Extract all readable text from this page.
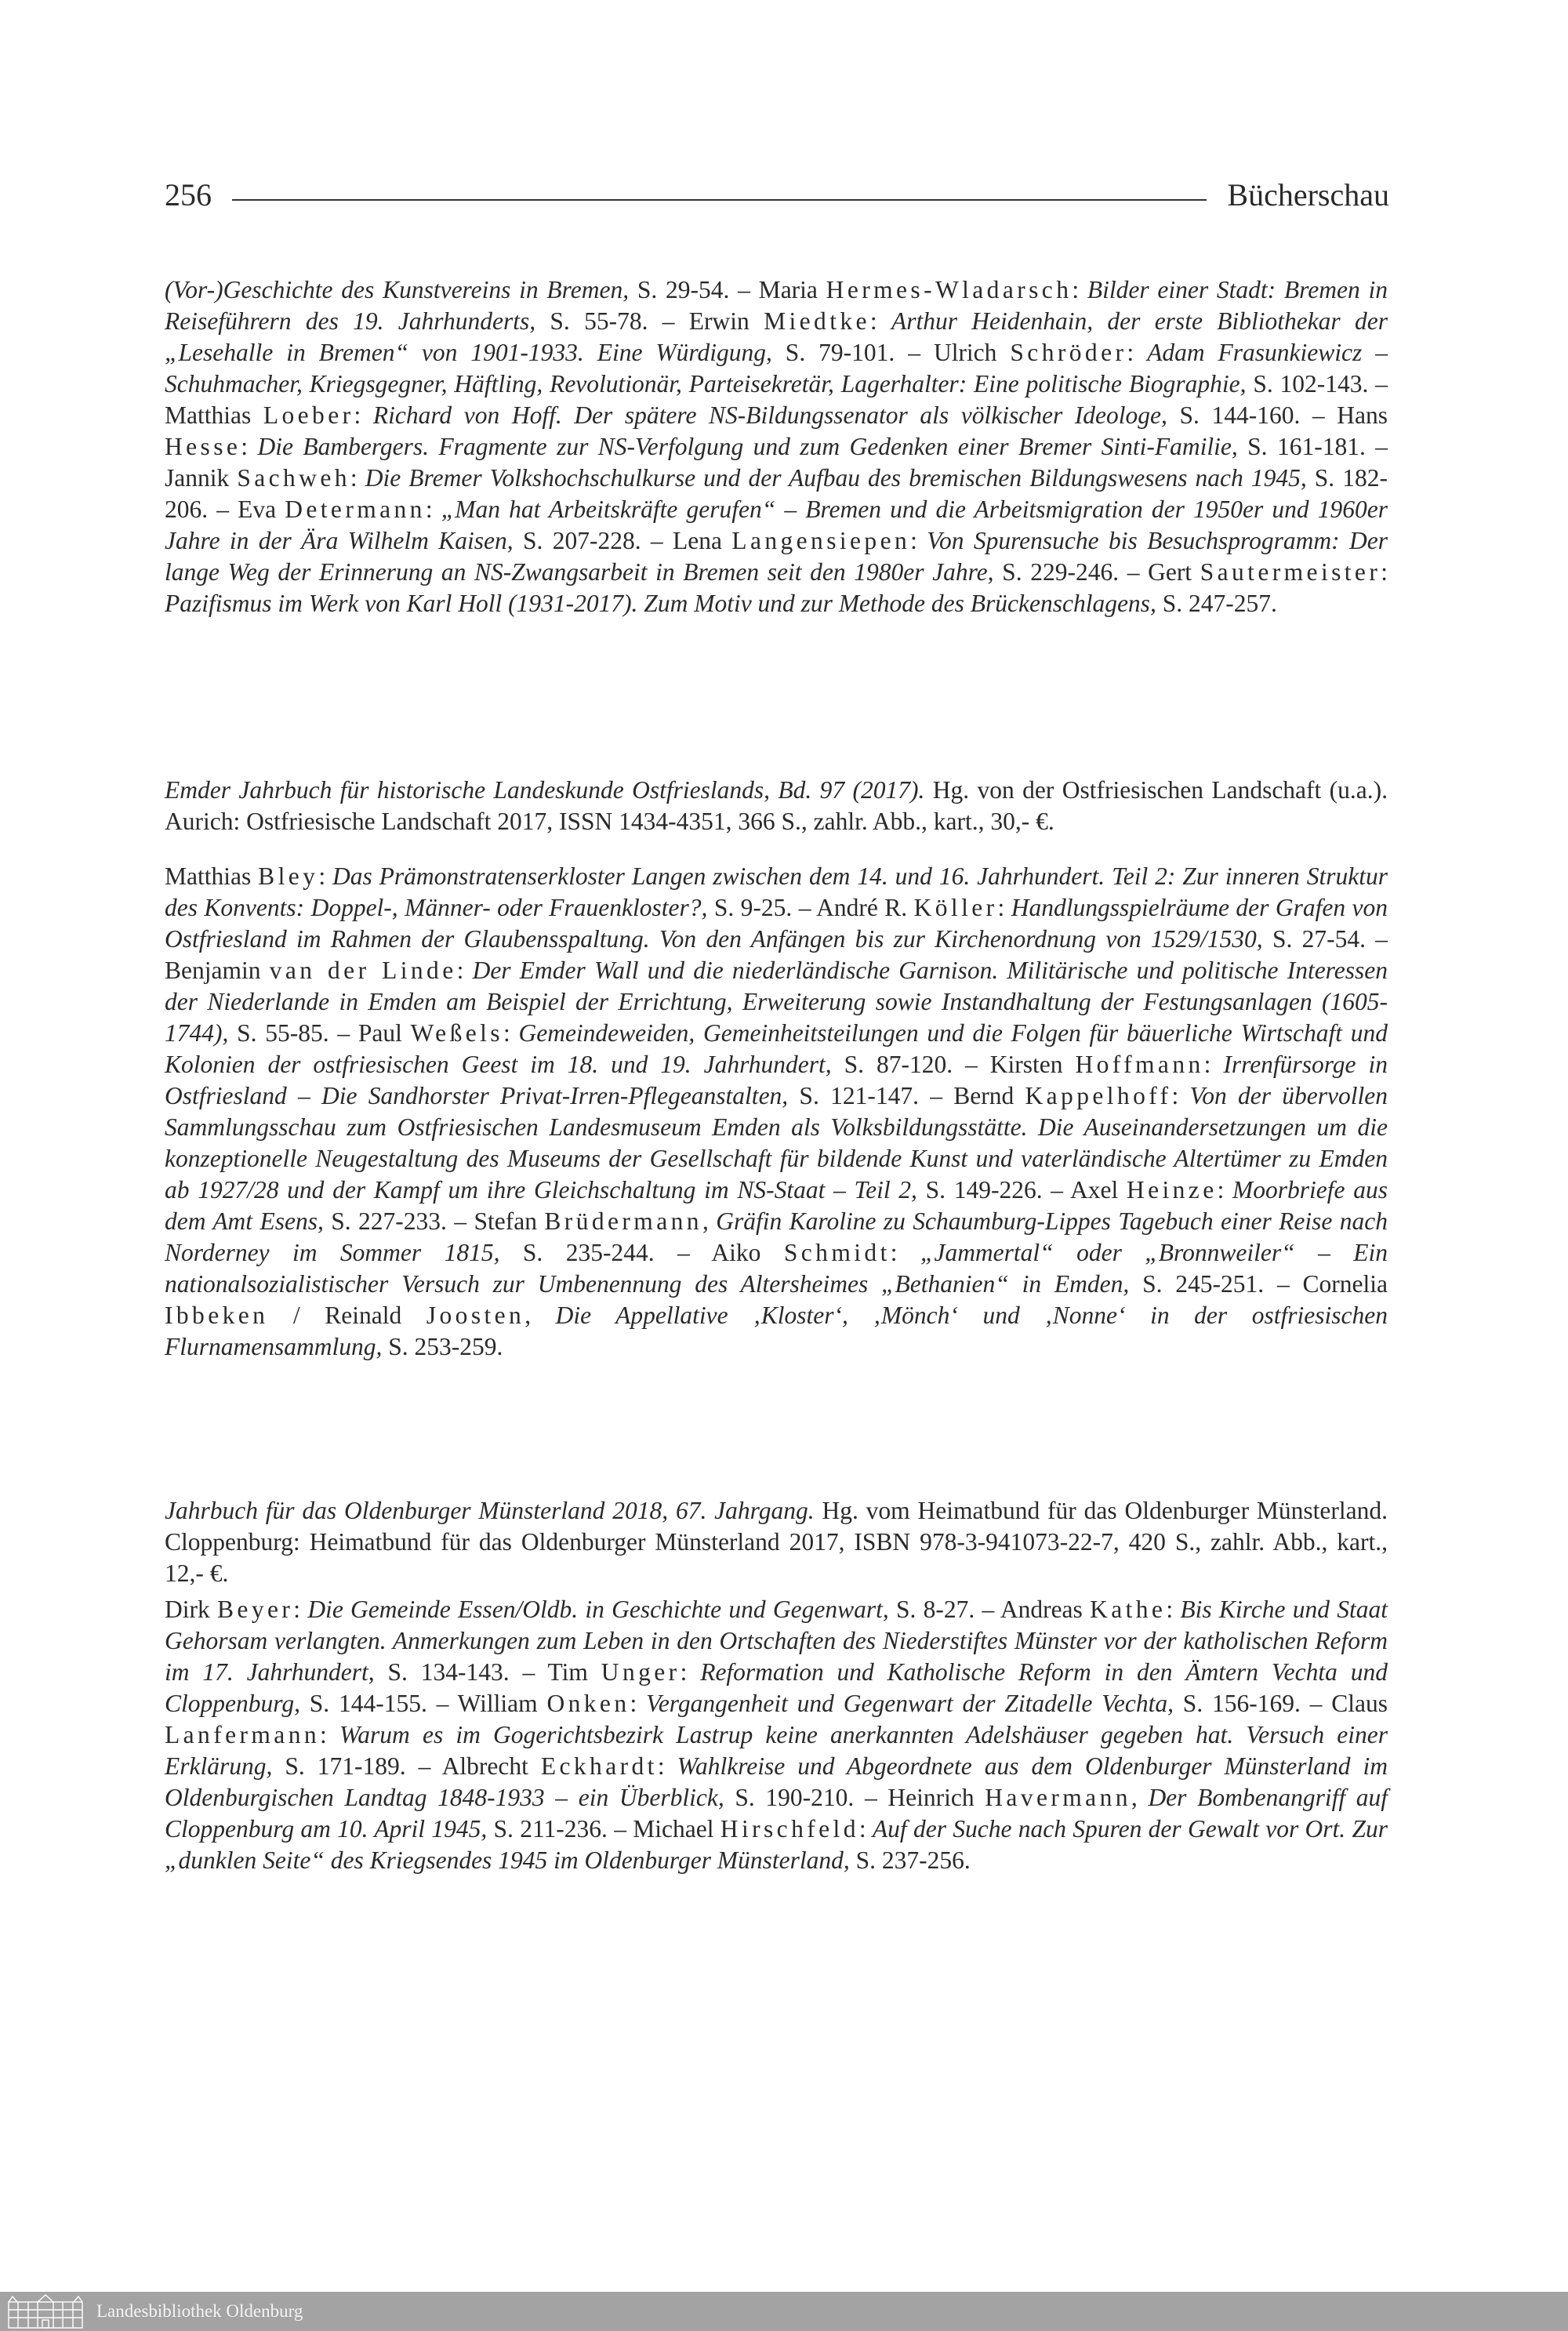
256	Bücherschau
(Vor-)Geschichte des Kunstvereins in Bremen, S. 29-54. – Maria Hermes-Wladarsch: Bilder einer Stadt: Bremen in Reiseführern des 19. Jahrhunderts, S. 55-78. – Erwin Miedtke: Arthur Heidenhain, der erste Bibliothekar der „Lesehalle in Bremen“ von 1901-1933. Eine Würdigung, S. 79-101. – Ulrich Schröder: Adam Frasunkiewicz – Schuhmacher, Kriegsgegner, Häftling, Revolutionär, Parteisekretär, Lagerhalter: Eine politische Biographie, S. 102-143. – Matthias Loeber: Richard von Hoff. Der spätere NS-Bildungssenator als völkischer Ideologe, S. 144-160. – Hans Hesse: Die Bambergers. Fragmente zur NS-Verfolgung und zum Gedenken einer Bremer Sinti-Familie, S. 161-181. – Jannik Sachweh: Die Bremer Volkshochschulkurse und der Aufbau des bremischen Bildungswesens nach 1945, S. 182-206. – Eva Determann: „Man hat Arbeitskräfte gerufen“ – Bremen und die Arbeitsmigration der 1950er und 1960er Jahre in der Ära Wilhelm Kaisen, S. 207-228. – Lena Langensiepen: Von Spurensuche bis Besuchsprogramm: Der lange Weg der Erinnerung an NS-Zwangsarbeit in Bremen seit den 1980er Jahre, S. 229-246. – Gert Sautermeister: Pazifismus im Werk von Karl Holl (1931-2017). Zum Motiv und zur Methode des Brückenschlagens, S. 247-257.
Emder Jahrbuch für historische Landeskunde Ostfrieslands, Bd. 97 (2017). Hg. von der Ostfriesischen Landschaft (u.a.). Aurich: Ostfriesische Landschaft 2017, ISSN 1434-4351, 366 S., zahlr. Abb., kart., 30,- €.
Matthias Bley: Das Prämonstratenserkloster Langen zwischen dem 14. und 16. Jahrhundert. Teil 2: Zur inneren Struktur des Konvents: Doppel-, Männer- oder Frauenkloster?, S. 9-25. – André R. Köller: Handlungsspielräume der Grafen von Ostfriesland im Rahmen der Glaubensspaltung. Von den Anfängen bis zur Kirchenordnung von 1529/1530, S. 27-54. – Benjamin van der Linde: Der Emder Wall und die niederländische Garnison. Militärische und politische Interessen der Niederlande in Emden am Beispiel der Errichtung, Erweiterung sowie Instandhaltung der Festungsanlagen (1605-1744), S. 55-85. – Paul Weßels: Gemeindeweiden, Gemeinheitsteilungen und die Folgen für bäuerliche Wirtschaft und Kolonien der ostfriesischen Geest im 18. und 19. Jahrhundert, S. 87-120. – Kirsten Hoffmann: Irrenfürsorge in Ostfriesland – Die Sandhorster Privat-Irren-Pflegeanstalten, S. 121-147. – Bernd Kappelhoff: Von der übervollen Sammlungsschau zum Ostfriesischen Landesmuseum Emden als Volksbildungsstätte. Die Auseinandersetzungen um die konzeptionelle Neugestaltung des Museums der Gesellschaft für bildende Kunst und vaterländische Altertümer zu Emden ab 1927/28 und der Kampf um ihre Gleichschaltung im NS-Staat – Teil 2, S. 149-226. – Axel Heinze: Moorbriefe aus dem Amt Esens, S. 227-233. – Stefan Brüdermann, Gräfin Karoline zu Schaumburg-Lippes Tagebuch einer Reise nach Norderney im Sommer 1815, S. 235-244. – Aiko Schmidt: „Jammertal“ oder „Bronnweiler“ – Ein nationalsozialistischer Versuch zur Umbenennung des Altersheimes „Bethanien“ in Emden, S. 245-251. – Cornelia Ibbeken / Reinald Joosten, Die Appellative ‚Kloster‘, ‚Mönch‘ und ‚Nonne‘ in der ostfriesischen Flurnamensammlung, S. 253-259.
Jahrbuch für das Oldenburger Münsterland 2018, 67. Jahrgang. Hg. vom Heimatbund für das Oldenburger Münsterland. Cloppenburg: Heimatbund für das Oldenburger Münsterland 2017, ISBN 978-3-941073-22-7, 420 S., zahlr. Abb., kart., 12,- €.
Dirk Beyer: Die Gemeinde Essen/Oldb. in Geschichte und Gegenwart, S. 8-27. – Andreas Kathe: Bis Kirche und Staat Gehorsam verlangten. Anmerkungen zum Leben in den Ortschaften des Niederstiftes Münster vor der katholischen Reform im 17. Jahrhundert, S. 134-143. – Tim Unger: Reformation und Katholische Reform in den Ämtern Vechta und Cloppenburg, S. 144-155. – William Onken: Vergangenheit und Gegenwart der Zitadelle Vechta, S. 156-169. – Claus Lanfermann: Warum es im Gogerichtsbezirk Lastrup keine anerkannten Adelshäuser gegeben hat. Versuch einer Erklärung, S. 171-189. – Albrecht Eckhardt: Wahlkreise und Abgeordnete aus dem Oldenburger Münsterland im Oldenburgischen Landtag 1848-1933 – ein Überblick, S. 190-210. – Heinrich Havermann, Der Bombenangriff auf Cloppenburg am 10. April 1945, S. 211-236. – Michael Hirschfeld: Auf der Suche nach Spuren der Gewalt vor Ort. Zur „dunklen Seite“ des Kriegsendes 1945 im Oldenburger Münsterland, S. 237-256.
Landesbibliothek Oldenburg
